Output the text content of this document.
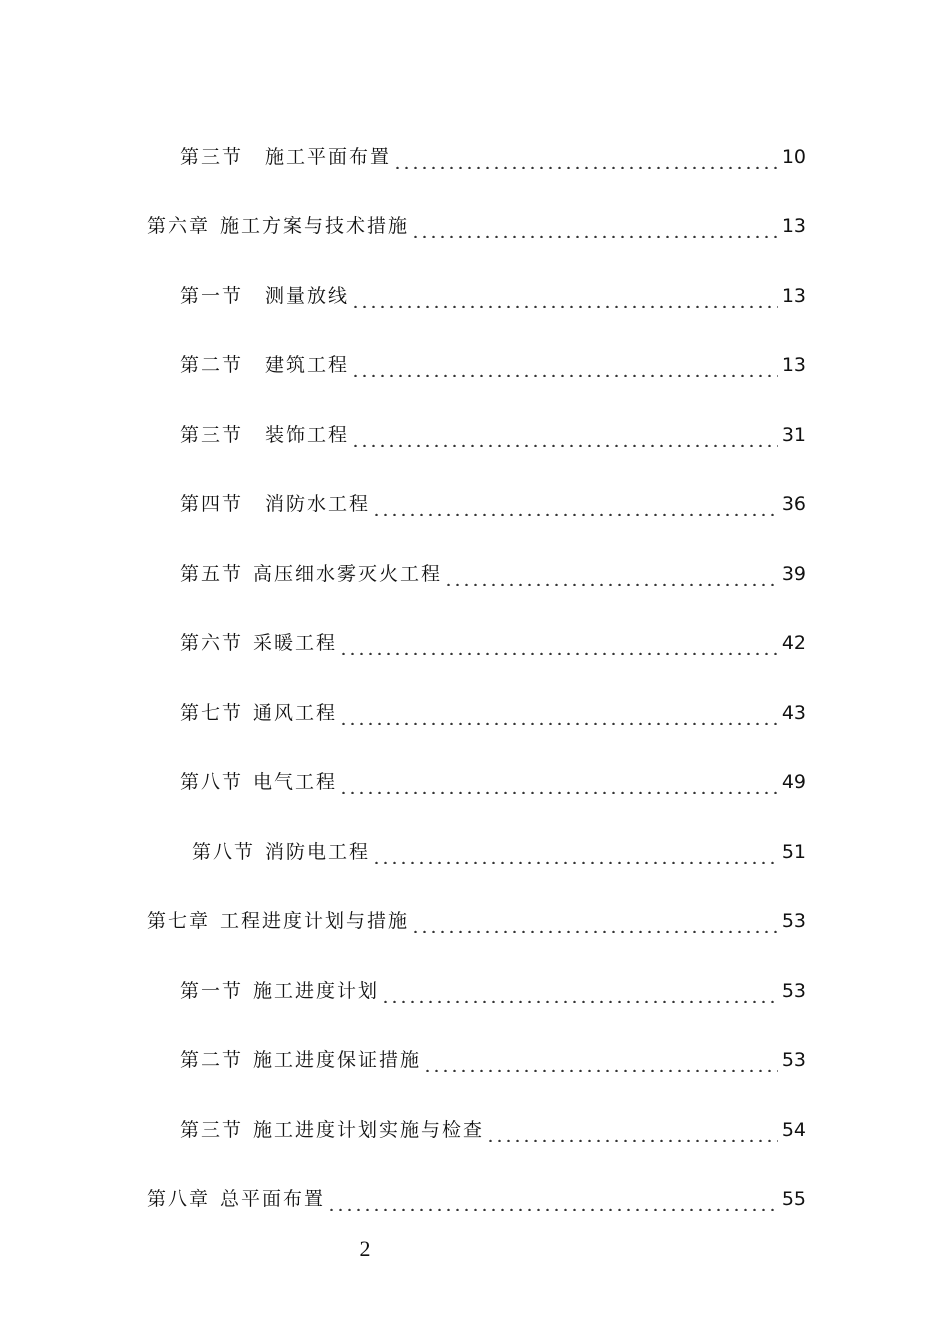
第三节 施工平面布置	10
第六章 施工方案与技术措施	13
第一节 测量放线	13
第二节 建筑工程	13
第三节 装饰工程	31
第四节 消防水工程	36
第五节 高压细水雾灭火工程	39
第六节 采暖工程	42
第七节 通风工程	43
第八节 电气工程	49
第八节 消防电工程	51
第七章 工程进度计划与措施	53
第一节 施工进度计划	53
第二节 施工进度保证措施	53
第三节 施工进度计划实施与检查	54
第八章 总平面布置	55
2
